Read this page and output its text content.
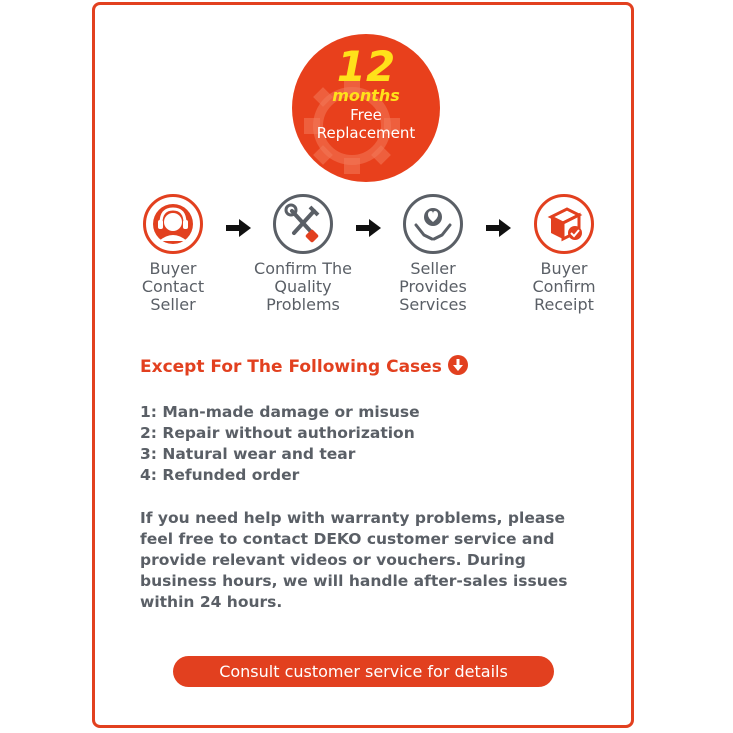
12
months
Free
Replacement
Buyer
Contact
Seller
Confirm The
Quality
Problems
Seller
Provides
Services
Buyer
Confirm
Receipt
Except For The Following Cases
1: Man-made damage or misuse
2: Repair without authorization
3: Natural wear and tear
4: Refunded order

If you need help with warranty problems, please feel free to contact DEKO customer service and provide relevant videos or vouchers. During business hours, we will handle after-sales issues within 24 hours.

Consult customer service for details
